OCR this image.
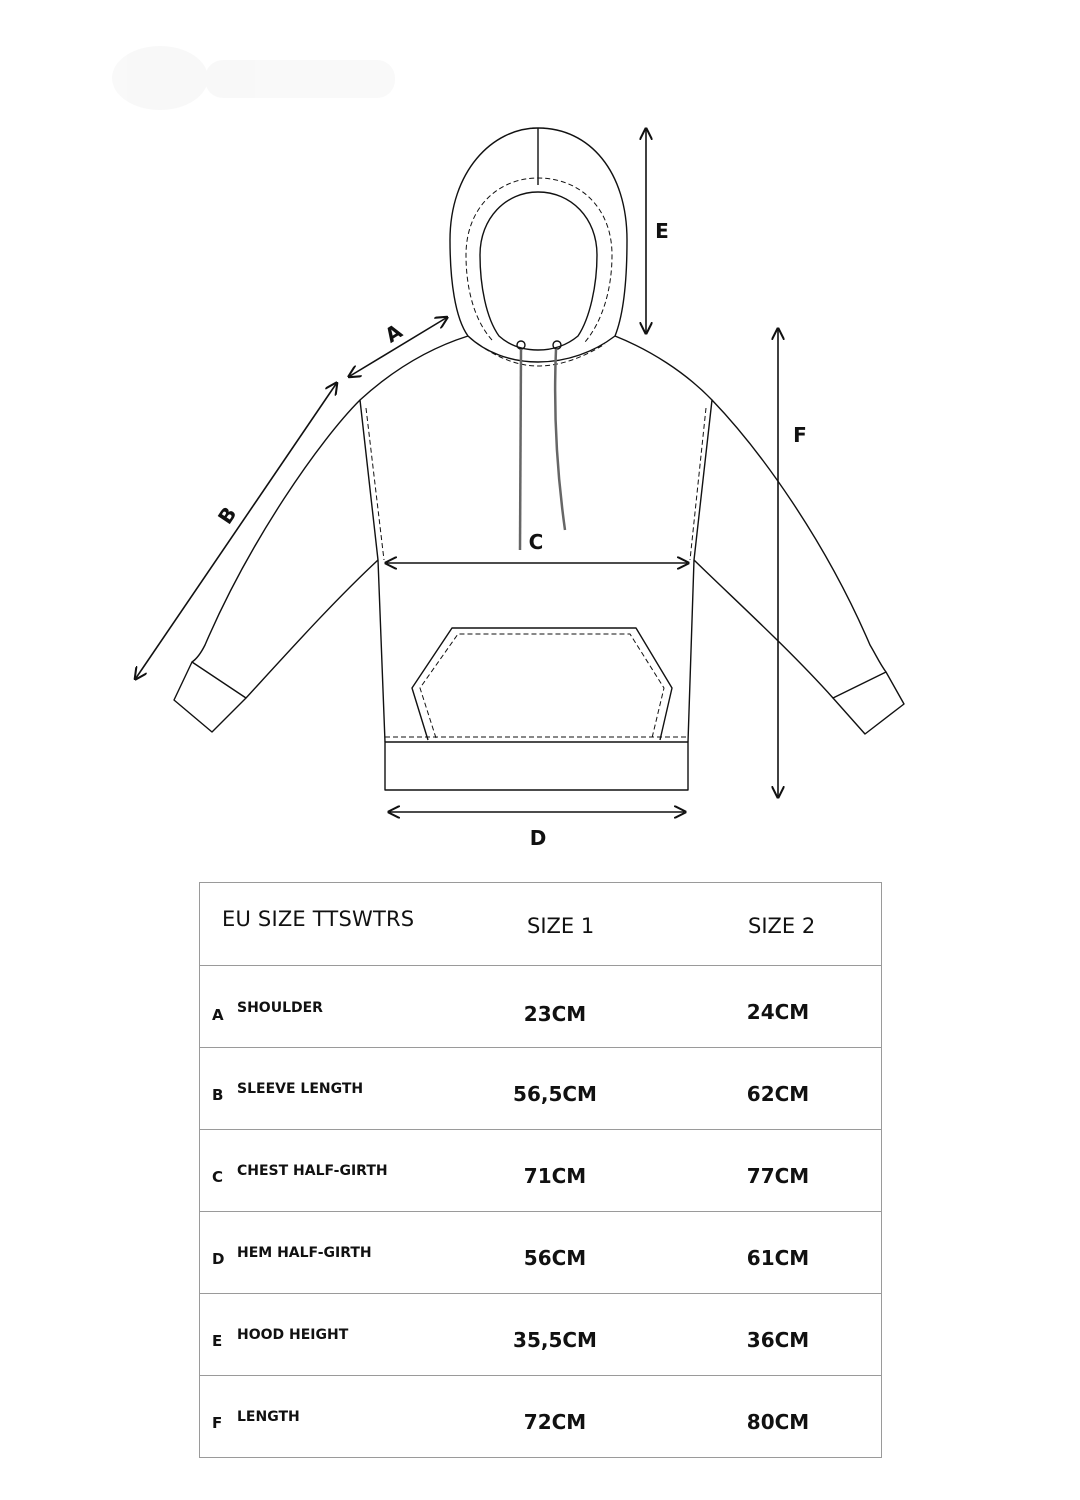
A
B
C
D
E
F
EU SIZE TTSWTRS	SIZE 1	SIZE 2
A SHOULDER	23CM	24CM
B SLEEVE LENGTH	56,5CM	62CM
C CHEST HALF-GIRTH	71CM	77CM
D HEM HALF-GIRTH	56CM	61CM
E HOOD HEIGHT	35,5CM	36CM
F LENGTH	72CM	80CM
